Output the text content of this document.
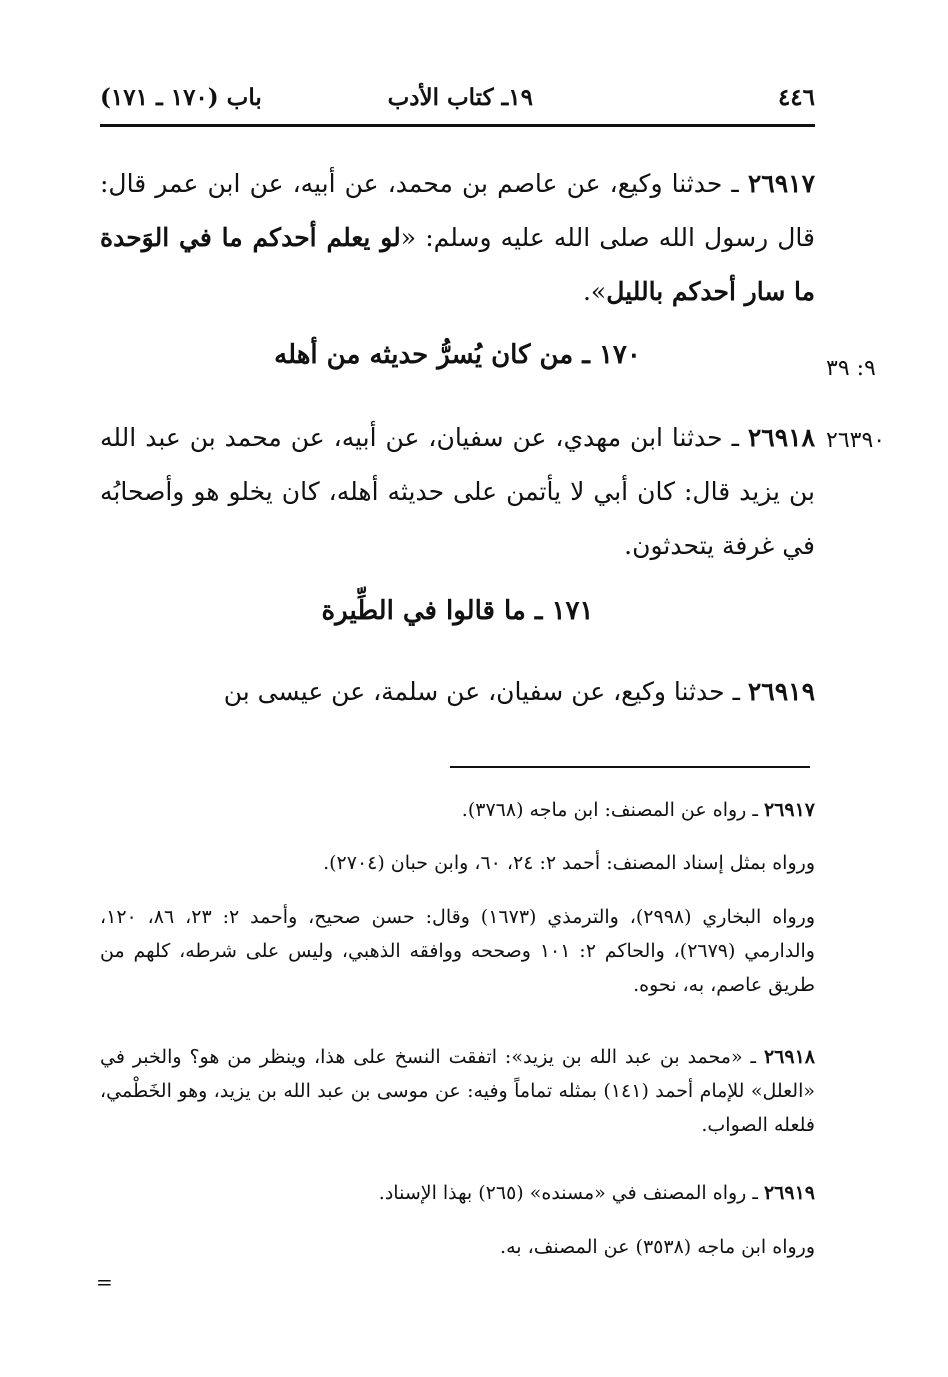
٤٤٦
١٩ـ كتاب الأدب
باب (١٧٠ ـ ١٧١)
٢٦٩١٧ ـ حدثنا وكيع، عن عاصم بن محمد، عن أبيه، عن ابن عمر قال: قال رسول الله صلى الله عليه وسلم: «لو يعلم أحدكم ما في الوَحدة ما سار أحدكم بالليل».
٩: ٣٩
١٧٠ ـ من كان يُسرُّ حديثه من أهله
٢٦٣٩٠
٢٦٩١٨ ـ حدثنا ابن مهدي، عن سفيان، عن أبيه، عن محمد بن عبد الله بن يزيد قال: كان أبي لا يأتمن على حديثه أهله، كان يخلو هو وأصحابُه في غرفة يتحدثون.
١٧١ ـ ما قالوا في الطِّيرة
٢٦٩١٩ ـ حدثنا وكيع، عن سفيان، عن سلمة، عن عيسى بن
٢٦٩١٧ ـ رواه عن المصنف: ابن ماجه (٣٧٦٨).
ورواه بمثل إسناد المصنف: أحمد ٢: ٢٤، ٦٠، وابن حبان (٢٧٠٤).
ورواه البخاري (٢٩٩٨)، والترمذي (١٦٧٣) وقال: حسن صحيح، وأحمد ٢: ٢٣، ٨٦، ١٢٠، والدارمي (٢٦٧٩)، والحاكم ٢: ١٠١ وصححه ووافقه الذهبي، وليس على شرطه، كلهم من طريق عاصم، به، نحوه.
٢٦٩١٨ ـ «محمد بن عبد الله بن يزيد»: اتفقت النسخ على هذا، وينظر من هو؟ والخبر في «العلل» للإمام أحمد (١٤١) بمثله تماماً وفيه: عن موسى بن عبد الله بن يزيد، وهو الخَطْمي، فلعله الصواب.
٢٦٩١٩ ـ رواه المصنف في «مسنده» (٢٦٥) بهذا الإسناد.
ورواه ابن ماجه (٣٥٣٨) عن المصنف، به.
=
